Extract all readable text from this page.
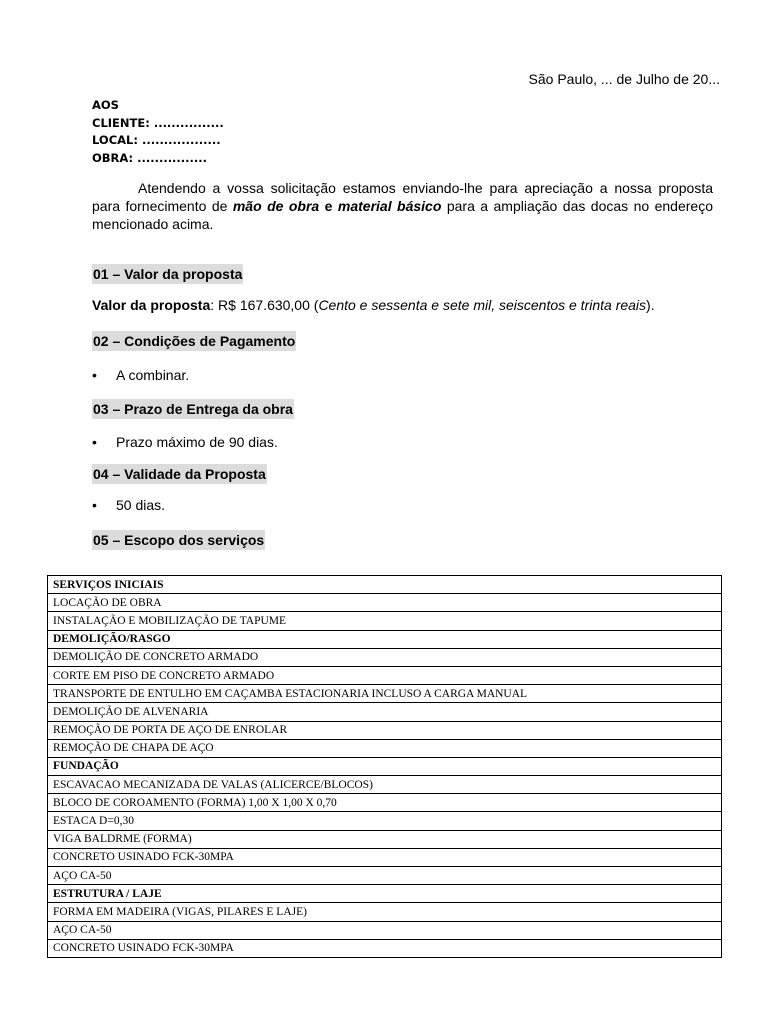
São Paulo, ... de Julho de 20...
AOS
CLIENTE: ................
LOCAL: ..................
OBRA: ................
Atendendo a vossa solicitação estamos enviando-lhe para apreciação a nossa proposta para fornecimento de mão de obra e material básico para a ampliação das docas no endereço mencionado acima.
01 – Valor da proposta
Valor da proposta: R$ 167.630,00 (Cento e sessenta e sete mil, seiscentos e trinta reais).
02 – Condições de Pagamento
• A combinar.
03 – Prazo de Entrega da obra
• Prazo máximo de 90 dias.
04 – Validade da Proposta
• 50 dias.
05 – Escopo dos serviços
SERVIÇOS INICIAIS
LOCAÇÃO DE OBRA
INSTALAÇÃO E MOBILIZAÇÃO DE TAPUME
DEMOLIÇÃO/RASGO
DEMOLIÇÃO DE CONCRETO ARMADO
CORTE EM PISO DE CONCRETO ARMADO
TRANSPORTE DE ENTULHO EM CAÇAMBA ESTACIONARIA INCLUSO A CARGA MANUAL
DEMOLIÇÃO DE ALVENARIA
REMOÇÃO DE PORTA DE AÇO DE ENROLAR
REMOÇÃO DE CHAPA DE AÇO
FUNDAÇÃO
ESCAVACAO MECANIZADA DE VALAS (ALICERCE/BLOCOS)
BLOCO DE COROAMENTO (FORMA) 1,00 X 1,00 X 0,70
ESTACA D=0,30
VIGA BALDRME (FORMA)
CONCRETO USINADO FCK-30MPA
AÇO CA-50
ESTRUTURA / LAJE
FORMA EM MADEIRA (VIGAS, PILARES E LAJE)
AÇO CA-50
CONCRETO USINADO FCK-30MPA
